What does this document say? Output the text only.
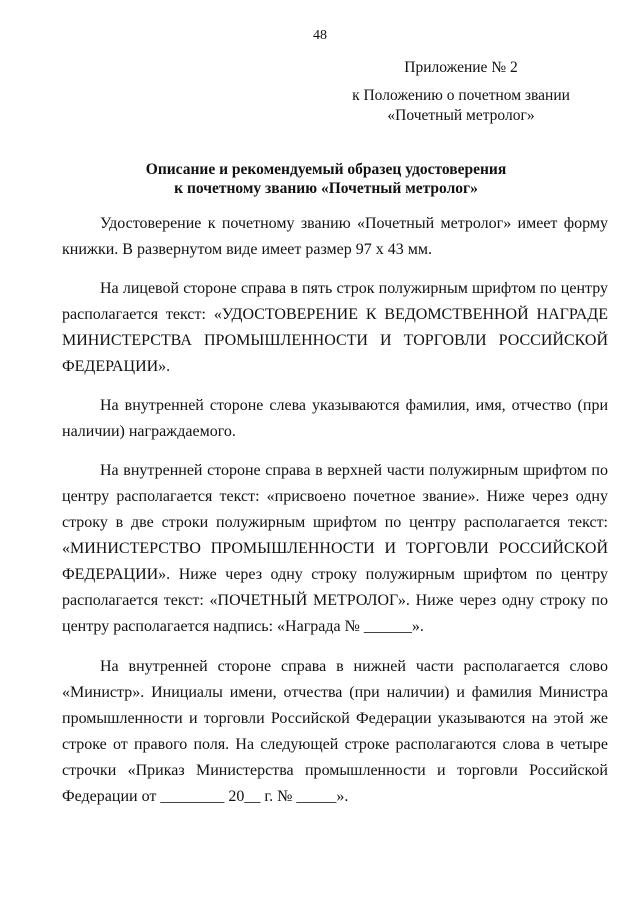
48
Приложение № 2
к Положению о почетном звании
«Почетный метролог»
Описание и рекомендуемый образец удостоверения
к почетному званию «Почетный метролог»

Удостоверение к почетному званию «Почетный метролог» имеет форму книжки. В развернутом виде имеет размер 97 х 43 мм.

На лицевой стороне справа в пять строк полужирным шрифтом по центру располагается текст: «УДОСТОВЕРЕНИЕ К ВЕДОМСТВЕННОЙ НАГРАДЕ МИНИСТЕРСТВА ПРОМЫШЛЕННОСТИ И ТОРГОВЛИ РОССИЙСКОЙ ФЕДЕРАЦИИ».

На внутренней стороне слева указываются фамилия, имя, отчество (при наличии) награждаемого.

На внутренней стороне справа в верхней части полужирным шрифтом по центру располагается текст: «присвоено почетное звание». Ниже через одну строку в две строки полужирным шрифтом по центру располагается текст: «МИНИСТЕРСТВО ПРОМЫШЛЕННОСТИ И ТОРГОВЛИ РОССИЙСКОЙ ФЕДЕРАЦИИ». Ниже через одну строку полужирным шрифтом по центру располагается текст: «ПОЧЕТНЫЙ МЕТРОЛОГ». Ниже через одну строку по центру располагается надпись: «Награда № ______».

На внутренней стороне справа в нижней части располагается слово «Министр». Инициалы имени, отчества (при наличии) и фамилия Министра промышленности и торговли Российской Федерации указываются на этой же строке от правого поля. На следующей строке располагаются слова в четыре строчки «Приказ Министерства промышленности и торговли Российской Федерации от ________ 20__ г. № _____».
